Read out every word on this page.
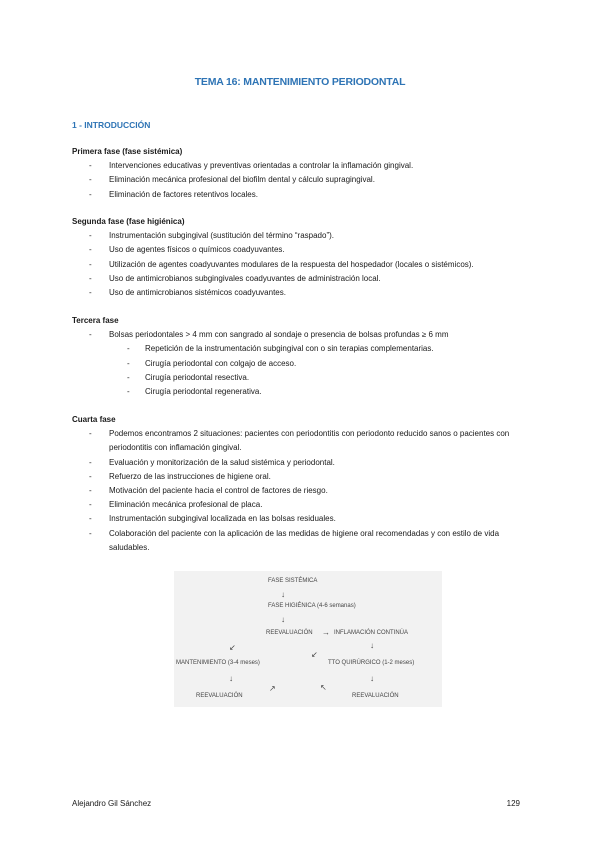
TEMA 16: MANTENIMIENTO PERIODONTAL
1 - INTRODUCCIÓN
Primera fase (fase sistémica)
- Intervenciones educativas y preventivas orientadas a controlar la inflamación gingival.
- Eliminación mecánica profesional del biofilm dental y cálculo supragingival.
- Eliminación de factores retentivos locales.
Segunda fase (fase higiénica)
- Instrumentación subgingival (sustitución del término “raspado”).
- Uso de agentes físicos o químicos coadyuvantes.
- Utilización de agentes coadyuvantes modulares de la respuesta del hospedador (locales o sistémicos).
- Uso de antimicrobianos subgingivales coadyuvantes de administración local.
- Uso de antimicrobianos sistémicos coadyuvantes.
Tercera fase
- Bolsas periodontales > 4 mm con sangrado al sondaje o presencia de bolsas profundas ≥ 6 mm
- Repetición de la instrumentación subgingival con o sin terapias complementarias.
- Cirugía periodontal con colgajo de acceso.
- Cirugía periodontal resectiva.
- Cirugía periodontal regenerativa.
Cuarta fase
- Podemos encontramos 2 situaciones: pacientes con periodontitis con periodonto reducido sanos o pacientes con periodontitis con inflamación gingival.
- Evaluación y monitorización de la salud sistémica y periodontal.
- Refuerzo de las instrucciones de higiene oral.
- Motivación del paciente hacia el control de factores de riesgo.
- Eliminación mecánica profesional de placa.
- Instrumentación subgingival localizada en las bolsas residuales.
- Colaboración del paciente con la aplicación de las medidas de higiene oral recomendadas y con estilo de vida saludables.
FASE SISTÉMICA
↓
FASE HIGIÉNICA (4-6 semanas)
↓
REEVALUACIÓN → INFLAMACIÓN CONTINÚA
↙	↓
MANTENIMIENTO (3-4 meses)	TTO QUIRÚRGICO (1-2 meses)
↙
↓
↗	↖
↓
REEVALUACIÓN	REEVALUACIÓN
Alejandro Gil Sánchez	129
